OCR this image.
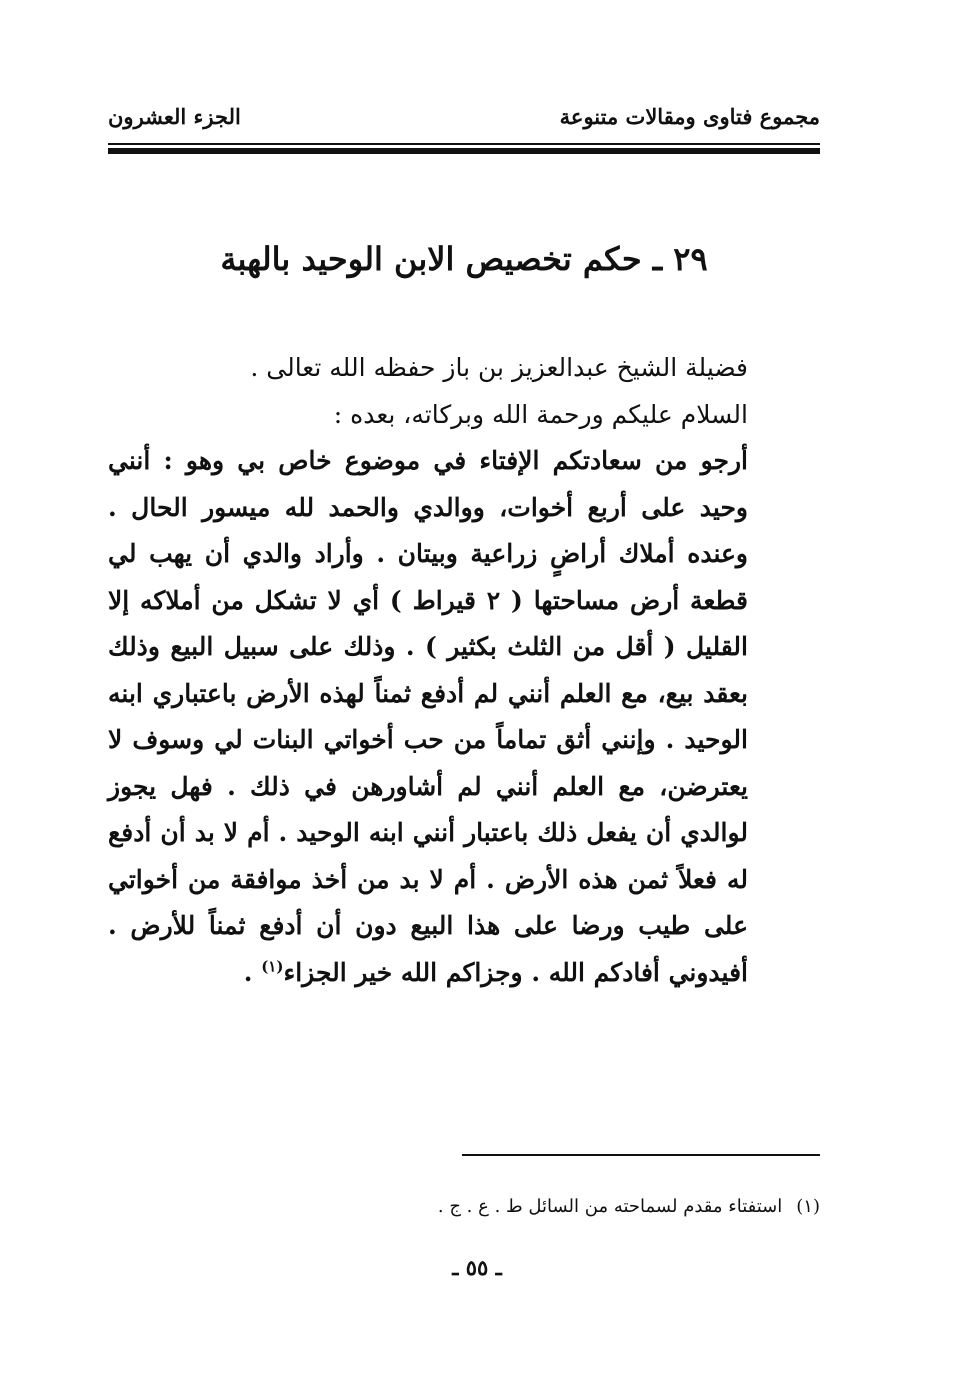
مجموع فتاوى ومقالات متنوعة
الجزء العشرون
٢٩ ـ حكم تخصيص الابن الوحيد بالهبة

فضيلة الشيخ عبدالعزيز بن باز حفظه الله تعالى .

السلام عليكم ورحمة الله وبركاته، بعده :

أرجو من سعادتكم الإفتاء في موضوع خاص بي وهو : أنني وحيد على أربع أخوات، ووالدي والحمد لله ميسور الحال . وعنده أملاك أراضٍ زراعية وبيتان . وأراد والدي أن يهب لي قطعة أرض مساحتها ( ٢ قيراط ) أي لا تشكل من أملاكه إلا القليل ( أقل من الثلث بكثير ) . وذلك على سبيل البيع وذلك بعقد بيع، مع العلم أنني لم أدفع ثمناً لهذه الأرض باعتباري ابنه الوحيد . وإنني أثق تماماً من حب أخواتي البنات لي وسوف لا يعترضن، مع العلم أنني لم أشاورهن في ذلك . فهل يجوز لوالدي أن يفعل ذلك باعتبار أنني ابنه الوحيد . أم لا بد أن أدفع له فعلاً ثمن هذه الأرض . أم لا بد من أخذ موافقة من أخواتي على طيب ورضا على هذا البيع دون أن أدفع ثمناً للأرض . أفيدوني أفادكم الله . وجزاكم الله خير الجزاء$^{(١)}$ .

(١)استفتاء مقدم لسماحته من السائل ط . ع . ج .
ـ ٥٥ ـ
